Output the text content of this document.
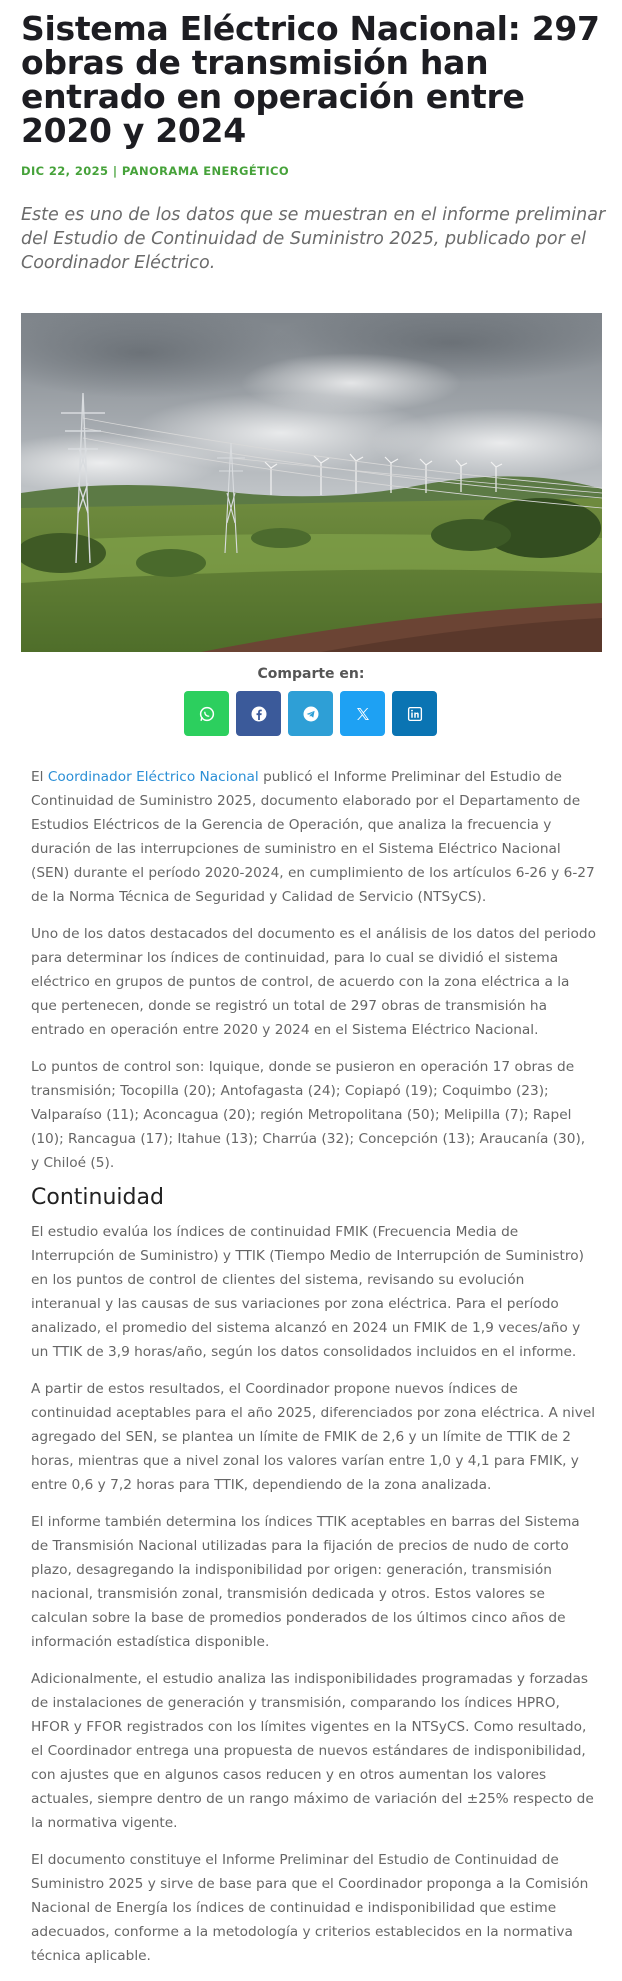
Sistema Eléctrico Nacional: 297 obras de transmisión han entrado en operación entre 2020 y 2024
DIC 22, 2025 | PANORAMA ENERGÉTICO
Este es uno de los datos que se muestran en el informe preliminar del Estudio de Continuidad de Suministro 2025, publicado por el Coordinador Eléctrico.
Comparte en:

El Coordinador Eléctrico Nacional publicó el Informe Preliminar del Estudio de Continuidad de Suministro 2025, documento elaborado por el Departamento de Estudios Eléctricos de la Gerencia de Operación, que analiza la frecuencia y duración de las interrupciones de suministro en el Sistema Eléctrico Nacional (SEN) durante el período 2020-2024, en cumplimiento de los artículos 6-26 y 6-27 de la Norma Técnica de Seguridad y Calidad de Servicio (NTSyCS).

Uno de los datos destacados del documento es el análisis de los datos del periodo para determinar los índices de continuidad, para lo cual se dividió el sistema eléctrico en grupos de puntos de control, de acuerdo con la zona eléctrica a la que pertenecen, donde se registró un total de 297 obras de transmisión ha entrado en operación entre 2020 y 2024 en el Sistema Eléctrico Nacional.

Lo puntos de control son: Iquique, donde se pusieron en operación 17 obras de transmisión; Tocopilla (20); Antofagasta (24); Copiapó (19); Coquimbo (23); Valparaíso (11); Aconcagua (20); región Metropolitana (50); Melipilla (7); Rapel (10); Rancagua (17); Itahue (13); Charrúa (32); Concepción (13); Araucanía (30), y Chiloé (5).

Continuidad

El estudio evalúa los índices de continuidad FMIK (Frecuencia Media de Interrupción de Suministro) y TTIK (Tiempo Medio de Interrupción de Suministro) en los puntos de control de clientes del sistema, revisando su evolución interanual y las causas de sus variaciones por zona eléctrica. Para el período analizado, el promedio del sistema alcanzó en 2024 un FMIK de 1,9 veces/año y un TTIK de 3,9 horas/año, según los datos consolidados incluidos en el informe.

A partir de estos resultados, el Coordinador propone nuevos índices de continuidad aceptables para el año 2025, diferenciados por zona eléctrica. A nivel agregado del SEN, se plantea un límite de FMIK de 2,6 y un límite de TTIK de 2 horas, mientras que a nivel zonal los valores varían entre 1,0 y 4,1 para FMIK, y entre 0,6 y 7,2 horas para TTIK, dependiendo de la zona analizada.

El informe también determina los índices TTIK aceptables en barras del Sistema de Transmisión Nacional utilizadas para la fijación de precios de nudo de corto plazo, desagregando la indisponibilidad por origen: generación, transmisión nacional, transmisión zonal, transmisión dedicada y otros. Estos valores se calculan sobre la base de promedios ponderados de los últimos cinco años de información estadística disponible.

Adicionalmente, el estudio analiza las indisponibilidades programadas y forzadas de instalaciones de generación y transmisión, comparando los índices HPRO, HFOR y FFOR registrados con los límites vigentes en la NTSyCS. Como resultado, el Coordinador entrega una propuesta de nuevos estándares de indisponibilidad, con ajustes que en algunos casos reducen y en otros aumentan los valores actuales, siempre dentro de un rango máximo de variación del ±25% respecto de la normativa vigente.

El documento constituye el Informe Preliminar del Estudio de Continuidad de Suministro 2025 y sirve de base para que el Coordinador proponga a la Comisión Nacional de Energía los índices de continuidad e indisponibilidad que estime adecuados, conforme a la metodología y criterios establecidos en la normativa técnica aplicable.
